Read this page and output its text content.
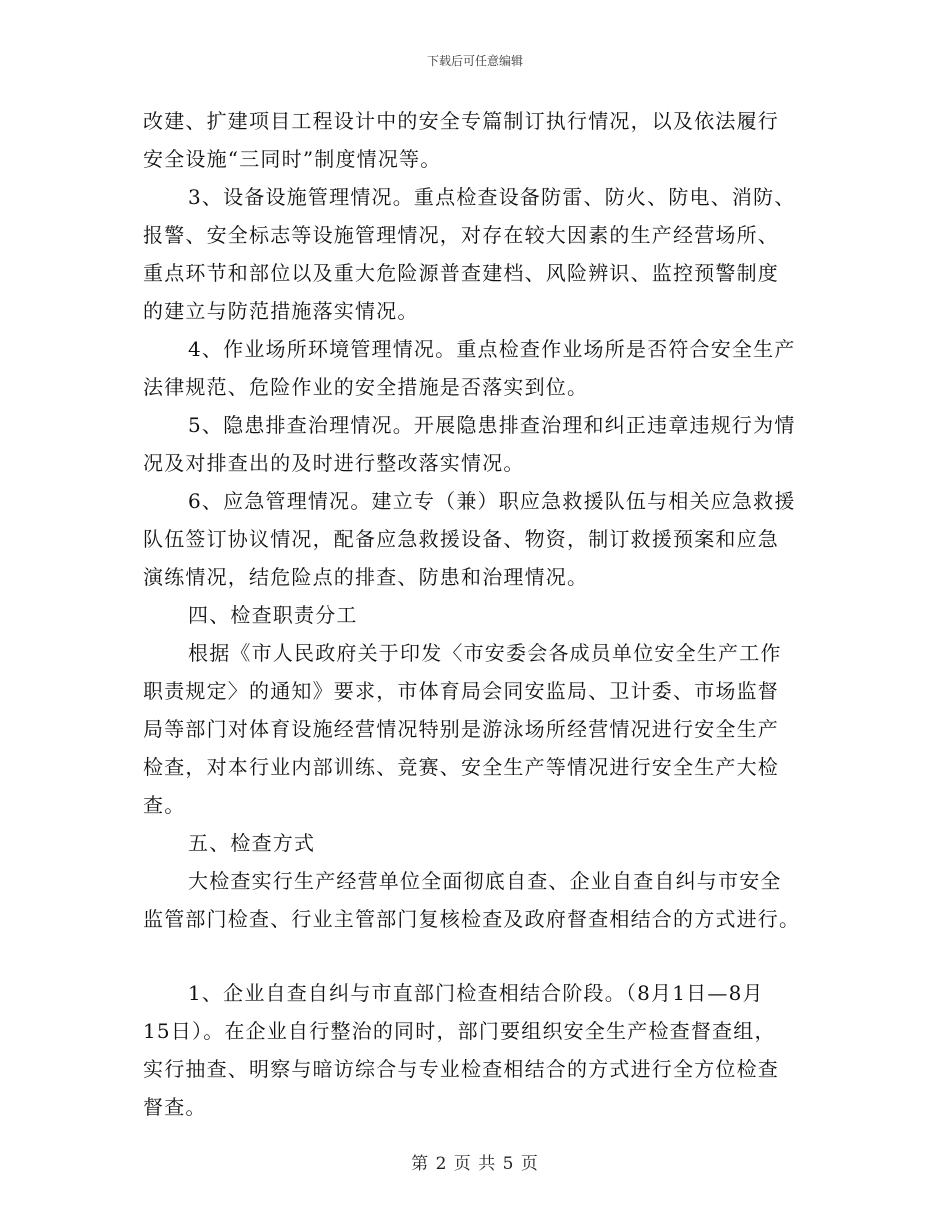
下载后可任意编辑

改建、扩建项目工程设计中的安全专篇制订执行情况，以及依法履行

安全设施“三同时”制度情况等。

3、设备设施管理情况。重点检查设备防雷、防火、防电、消防、

报警、安全标志等设施管理情况，对存在较大因素的生产经营场所、

重点环节和部位以及重大危险源普查建档、风险辨识、监控预警制度

的建立与防范措施落实情况。

4、作业场所环境管理情况。重点检查作业场所是否符合安全生产

法律规范、危险作业的安全措施是否落实到位。

5、隐患排查治理情况。开展隐患排查治理和纠正违章违规行为情

况及对排查出的及时进行整改落实情况。

6、应急管理情况。建立专（兼）职应急救援队伍与相关应急救援

队伍签订协议情况，配备应急救援设备、物资，制订救援预案和应急

演练情况，结危险点的排查、防患和治理情况。

四、检查职责分工

根据《市人民政府关于印发〈市安委会各成员单位安全生产工作

职责规定〉的通知》要求，市体育局会同安监局、卫计委、市场监督

局等部门对体育设施经营情况特别是游泳场所经营情况进行安全生产

检查，对本行业内部训练、竞赛、安全生产等情况进行安全生产大检

查。

五、检查方式

大检查实行生产经营单位全面彻底自查、企业自查自纠与市安全

监管部门检查、行业主管部门复核检查及政府督查相结合的方式进行。

1、企业自查自纠与市直部门检查相结合阶段。（8月1日—8月

15日）。在企业自行整治的同时，部门要组织安全生产检查督查组，

实行抽查、明察与暗访综合与专业检查相结合的方式进行全方位检查

督查。

第 2 页 共 5 页
